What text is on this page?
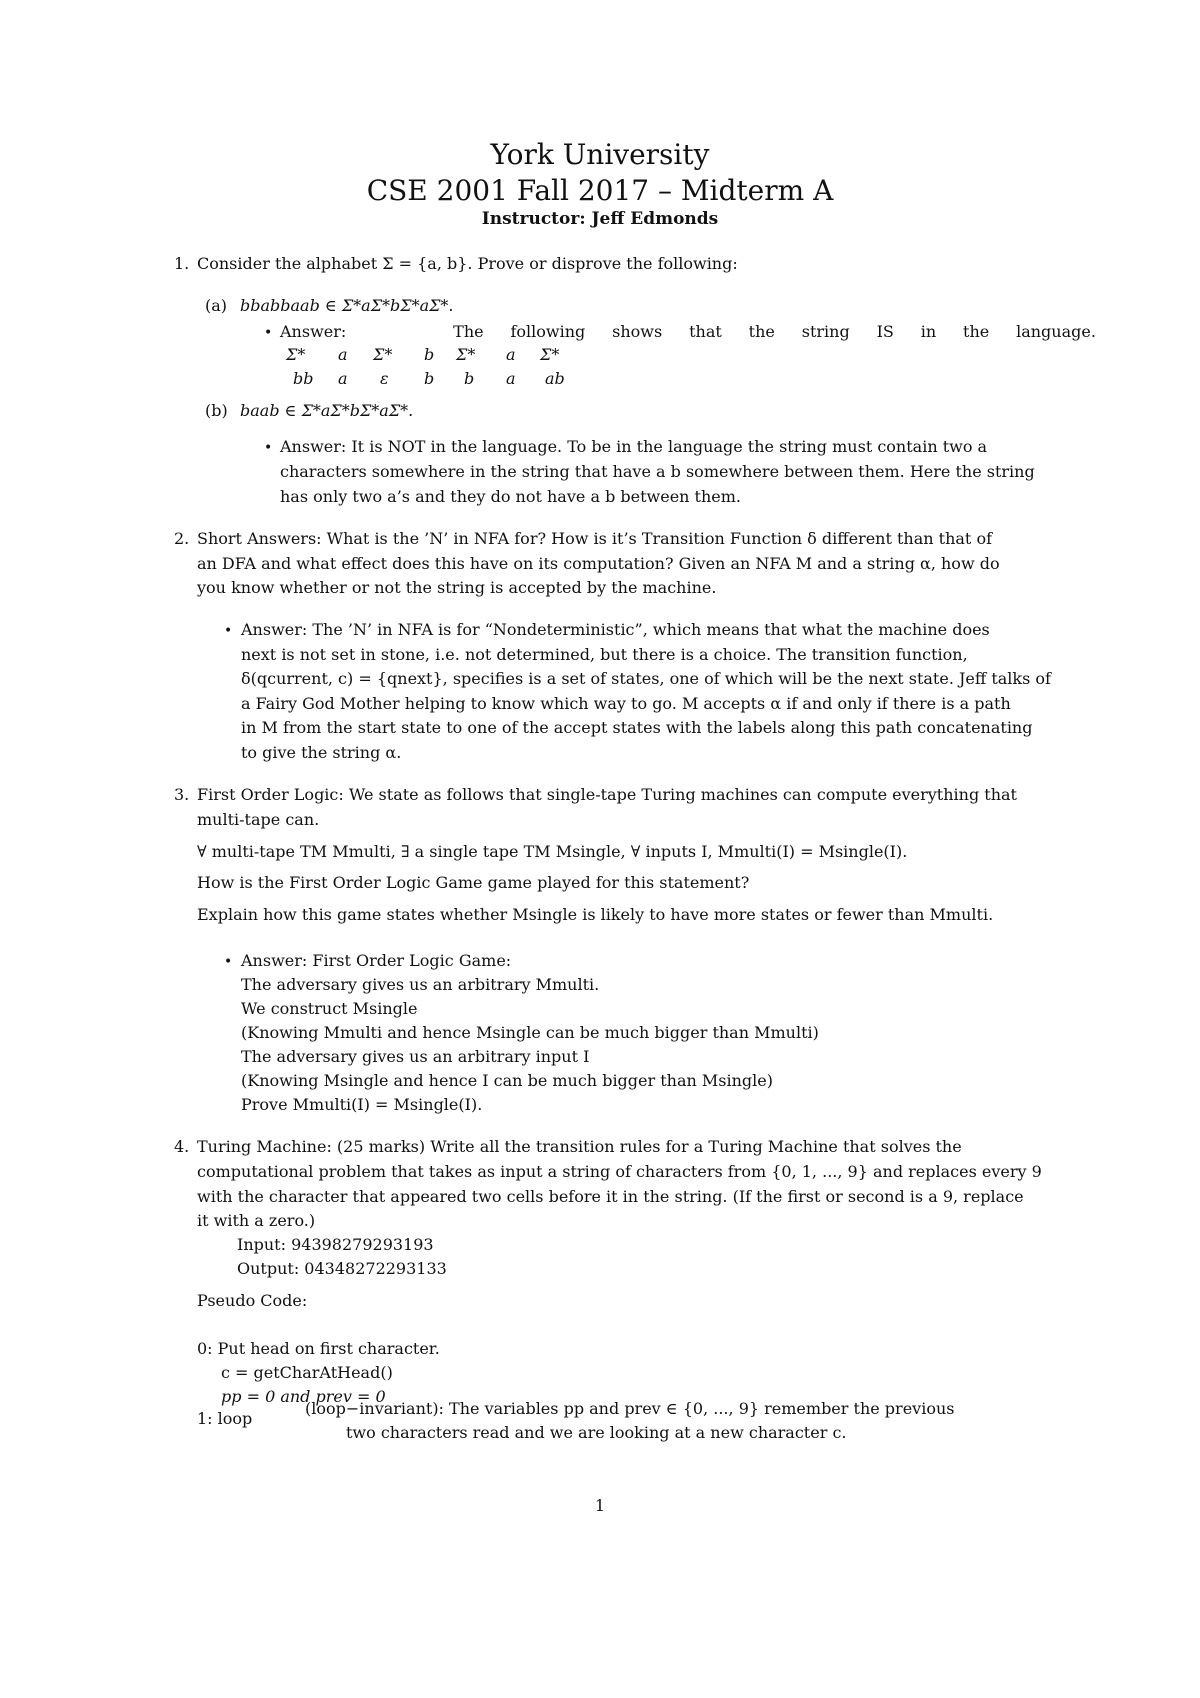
York University
CSE 2001 Fall 2017 – Midterm A
Instructor: Jeff Edmonds
1. Consider the alphabet Σ = {a, b}. Prove or disprove the following:
(a) bbabbaab ∈ Σ*aΣ*bΣ*aΣ*.
• Answer:	The following shows that the string IS in the language.
Σ* a Σ* b Σ* a Σ*
bb a ε b b a ab
(b) baab ∈ Σ*aΣ*bΣ*aΣ*.
• Answer: It is NOT in the language. To be in the language the string must contain two a
characters somewhere in the string that have a b somewhere between them. Here the string
has only two a’s and they do not have a b between them.
2. Short Answers: What is the ’N’ in NFA for? How is it’s Transition Function δ different than that of
an DFA and what effect does this have on its computation? Given an NFA M and a string α, how do
you know whether or not the string is accepted by the machine.
• Answer: The ’N’ in NFA is for “Nondeterministic”, which means that what the machine does
next is not set in stone, i.e. not determined, but there is a choice. The transition function,
δ(qcurrent, c) = {qnext}, specifies is a set of states, one of which will be the next state. Jeff talks of
a Fairy God Mother helping to know which way to go. M accepts α if and only if there is a path
in M from the start state to one of the accept states with the labels along this path concatenating
to give the string α.
3. First Order Logic: We state as follows that single-tape Turing machines can compute everything that
multi-tape can.
∀ multi-tape TM Mmulti, ∃ a single tape TM Msingle, ∀ inputs I, Mmulti(I) = Msingle(I).
How is the First Order Logic Game game played for this statement?
Explain how this game states whether Msingle is likely to have more states or fewer than Mmulti.
• Answer: First Order Logic Game:
The adversary gives us an arbitrary Mmulti.
We construct Msingle
(Knowing Mmulti and hence Msingle can be much bigger than Mmulti)
The adversary gives us an arbitrary input I
(Knowing Msingle and hence I can be much bigger than Msingle)
Prove Mmulti(I) = Msingle(I).
4. Turing Machine: (25 marks) Write all the transition rules for a Turing Machine that solves the
computational problem that takes as input a string of characters from {0, 1, ..., 9} and replaces every 9
with the character that appeared two cells before it in the string. (If the first or second is a 9, replace
it with a zero.)
Input: 94398279293193
Output: 04348272293133
Pseudo Code:
0: Put head on first character.
c = getCharAtHead()
pp = 0 and prev = 0
1: loop
(loop−invariant): The variables pp and prev ∈ {0, ..., 9} remember the previous
two characters read and we are looking at a new character c.
1
